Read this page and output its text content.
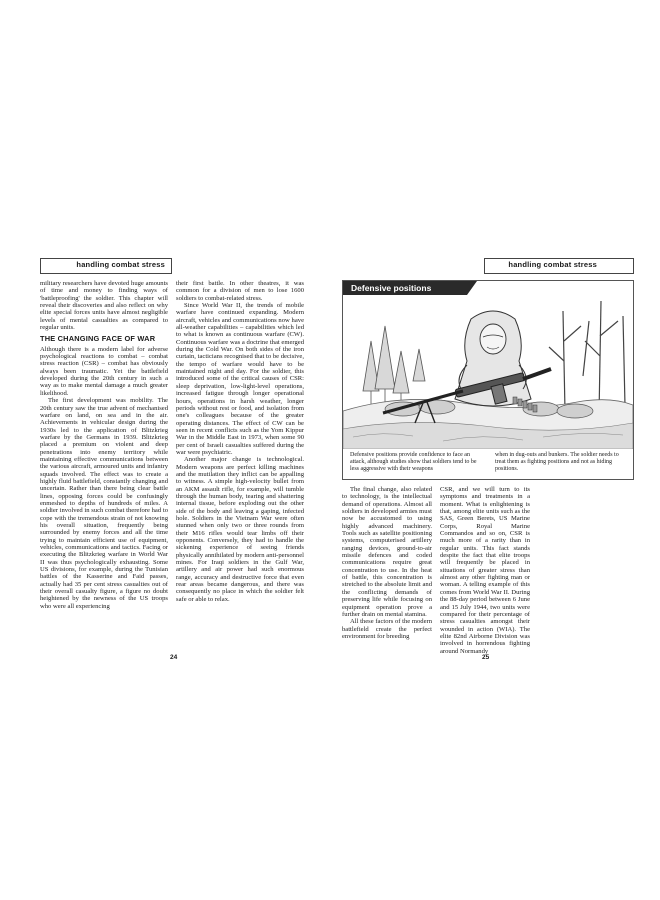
handling combat stress

military researchers have devoted huge amounts of time and money to finding ways of 'battleproofing' the soldier. This chapter will reveal their discoveries and also reflect on why elite special forces units have almost negligible levels of mental casualties as compared to regular units.

THE CHANGING FACE OF WAR

Although there is a modern label for adverse psychological reactions to combat – combat stress reaction (CSR) – combat has obviously always been traumatic. Yet the battlefield developed during the 20th century in such a way as to make mental damage a much greater likelihood.

The first development was mobility. The 20th century saw the true advent of mechanised warfare on land, on sea and in the air. Achievements in vehicular design during the 1930s led to the application of Blitzkrieg warfare by the Germans in 1939. Blitzkrieg placed a premium on violent and deep penetrations into enemy territory while maintaining effective communications between the various aircraft, armoured units and infantry squads involved. The effect was to create a highly fluid battlefield, constantly changing and uncertain. Rather than there being clear battle lines, opposing forces could be confusingly enmeshed to depths of hundreds of miles. A soldier involved in such combat therefore had to cope with the tremendous strain of not knowing his overall situation, frequently being surrounded by enemy forces and all the time trying to maintain efficient use of equipment, vehicles, communications and tactics. Facing or executing the Blitzkrieg warfare in World War II was thus psychologically exhausting. Some US divisions, for example, during the Tunisian battles of the Kasserine and Faid passes, actually had 35 per cent stress casualties out of their overall casualty figure, a figure no doubt heightened by the newness of the US troops who were all experiencing

their first battle. In other theatres, it was common for a division of men to lose 1600 soldiers to combat-related stress.

Since World War II, the trends of mobile warfare have continued expanding. Modern aircraft, vehicles and communications now have all-weather capabilities – capabilities which led to what is known as continuous warfare (CW). Continuous warfare was a doctrine that emerged during the Cold War. On both sides of the iron curtain, tacticians recognised that to be decisive, the tempo of warfare would have to be maintained night and day. For the soldier, this introduced some of the critical causes of CSR: sleep deprivation, low-light-level operations, increased fatigue through longer operational hours, operations in harsh weather, longer periods without rest or food, and isolation from one's colleagues because of the greater operating distances. The effect of CW can be seen in recent conflicts such as the Yom Kippur War in the Middle East in 1973, when some 90 per cent of Israeli casualties suffered during the war were psychiatric.

Another major change is technological. Modern weapons are perfect killing machines and the mutilation they inflict can be appalling to witness. A simple high-velocity bullet from an AKM assault rifle, for example, will tumble through the human body, tearing and shattering internal tissue, before exploding out the other side of the body and leaving a gaping, infected hole. Soldiers in the Vietnam War were often stunned when only two or three rounds from their M16 rifles would tear limbs off their opponents. Conversely, they had to handle the sickening experience of seeing friends physically annihilated by modern anti-personnel mines. For Iraqi soldiers in the Gulf War, artillery and air power had such enormous range, accuracy and destructive force that even rear areas became dangerous, and there was consequently no place in which the soldier felt safe or able to relax.

24
handling combat stress
Defensive positions
Defensive positions provide confidence to face an attack, although studies show that soldiers tend to be less aggressive with their weapons
when in dug-outs and bunkers. The soldier needs to treat them as fighting positions and not as hiding positions.

The final change, also related to technology, is the intellectual demand of operations. Almost all soldiers in developed armies must now be accustomed to using highly advanced machinery. Tools such as satellite positioning systems, computerised artillery ranging devices, ground-to-air missile defences and coded communications require great concentration to use. In the heat of battle, this concentration is stretched to the absolute limit and the conflicting demands of preserving life while focusing on equipment operation prove a further drain on mental stamina.

All these factors of the modern battlefield create the perfect environment for breeding

CSR, and we will turn to its symptoms and treatments in a moment. What is enlightening is that, among elite units such as the SAS, Green Berets, US Marine Corps, Royal Marine Commandos and so on, CSR is much more of a rarity than in regular units. This fact stands despite the fact that elite troops will frequently be placed in situations of greater stress than almost any other fighting man or woman. A telling example of this comes from World War II. During the 88-day period between 6 June and 15 July 1944, two units were compared for their percentage of stress casualties amongst their wounded in action (WIA). The elite 82nd Airborne Division was involved in horrendous fighting around Normandy

25
